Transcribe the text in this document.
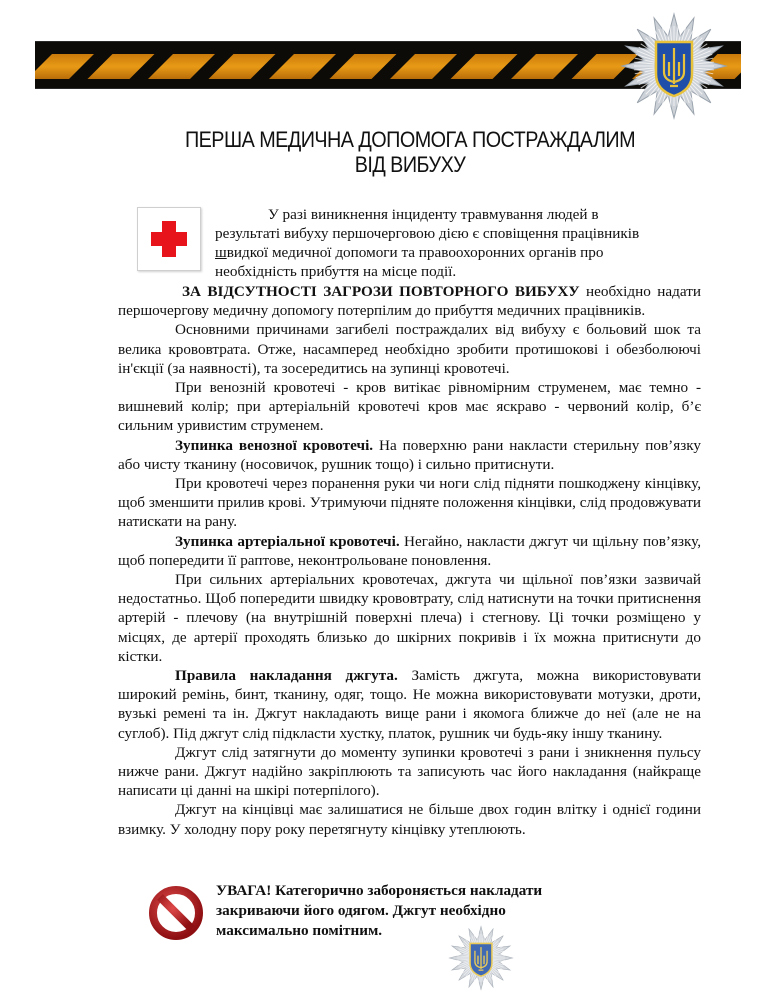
ПЕРША МЕДИЧНА ДОПОМОГА ПОСТРАЖДАЛИМ
ВІД ВИБУХУ

У разі виникнення інциденту травмування людей в

результаті вибуху першочерговою дією є сповіщення працівників

швидкої медичної допомоги та правоохоронних органів про

необхідність прибуття на місце події.

ЗА ВІДСУТНОСТІ ЗАГРОЗИ ПОВТОРНОГО ВИБУХУ необхідно надати першочергову медичну допомогу потерпілим до прибуття медичних працівників.

Основними причинами загибелі постраждалих від вибуху є больовий шок та велика крововтрата. Отже, насамперед необхідно зробити протишокові і обезболюючі ін'єкції (за наявності), та зосередитись на зупинці кровотечі.

При венозній кровотечі - кров витікає рівномірним струменем, має темно - вишневий колір; при артеріальній кровотечі кров має яскраво - червоний колір, б’є сильним уривистим струменем.

Зупинка венозної кровотечі. На поверхню рани накласти стерильну пов’язку або чисту тканину (носовичок, рушник тощо) і сильно притиснути.

При кровотечі через поранення руки чи ноги слід підняти пошкоджену кінцівку, щоб зменшити прилив крові. Утримуючи підняте положення кінцівки, слід продовжувати натискати на рану.

Зупинка артеріальної кровотечі. Негайно, накласти джгут чи щільну пов’язку, щоб попередити її раптове, неконтрольоване поновлення.

При сильних артеріальних кровотечах, джгута чи щільної пов’язки зазвичай недостатньо. Щоб попередити швидку крововтрату, слід натиснути на точки притиснення артерій - плечову (на внутрішній поверхні плеча) і стегнову. Ці точки розміщено у місцях, де артерії проходять близько до шкірних покривів і їх можна притиснути до кістки.

Правила накладання джгута. Замість джгута, можна використовувати широкий ремінь, бинт, тканину, одяг, тощо. Не можна використовувати мотузки, дроти, вузькі ремені та ін. Джгут накладають вище рани і якомога ближче до неї (але не на суглоб). Під джгут слід підкласти хустку, платок, рушник чи будь-яку іншу тканину.

Джгут слід затягнути до моменту зупинки кровотечі з рани і зникнення пульсу нижче рани. Джгут надійно закріплюють та записують час його накладання (найкраще написати ці данні на шкірі потерпілого).

Джгут на кінцівці має залишатися не більше двох годин влітку і однієї години взимку. У холодну пору року перетягнуту кінцівку утеплюють.

УВАГА! Категорично забороняється накладати
закриваючи його одягом. Джгут необхідно
максимально помітним.
